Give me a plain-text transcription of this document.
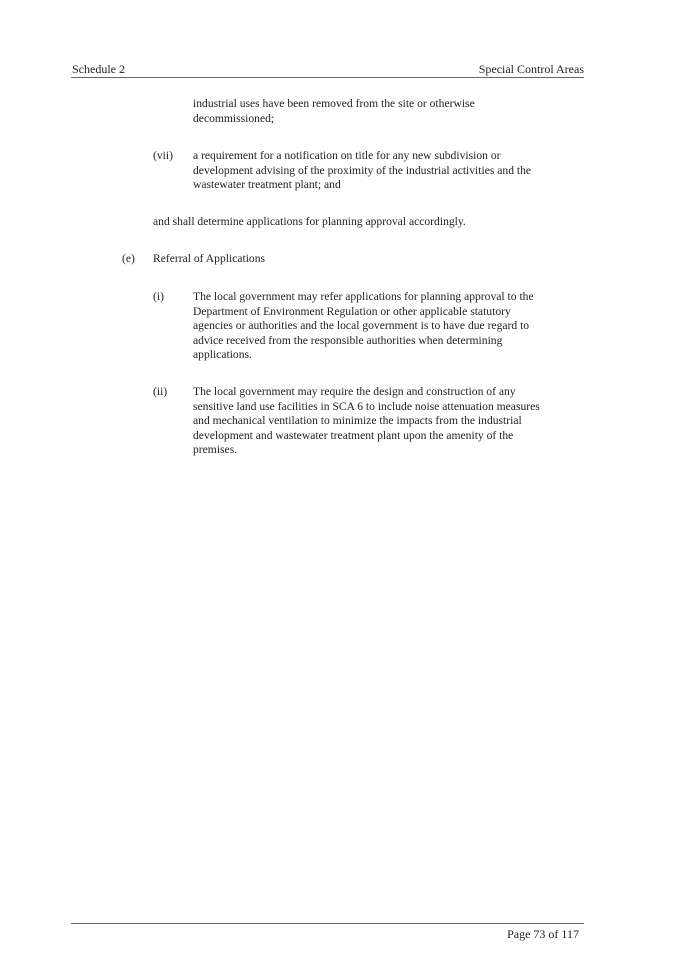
Schedule 2	Special Control Areas
industrial uses have been removed from the site or otherwise
decommissioned;
(vii) a requirement for a notification on title for any new subdivision or
development advising of the proximity of the industrial activities and the
wastewater treatment plant; and
and shall determine applications for planning approval accordingly.
(e) Referral of Applications
(i)	The local government may refer applications for planning approval to the
Department of Environment Regulation or other applicable statutory
agencies or authorities and the local government is to have due regard to
advice received from the responsible authorities when determining
applications.
(ii) The local government may require the design and construction of any
sensitive land use facilities in SCA 6 to include noise attenuation measures
and mechanical ventilation to minimize the impacts from the industrial
development and wastewater treatment plant upon the amenity of the
premises.
Page 73 of 117
